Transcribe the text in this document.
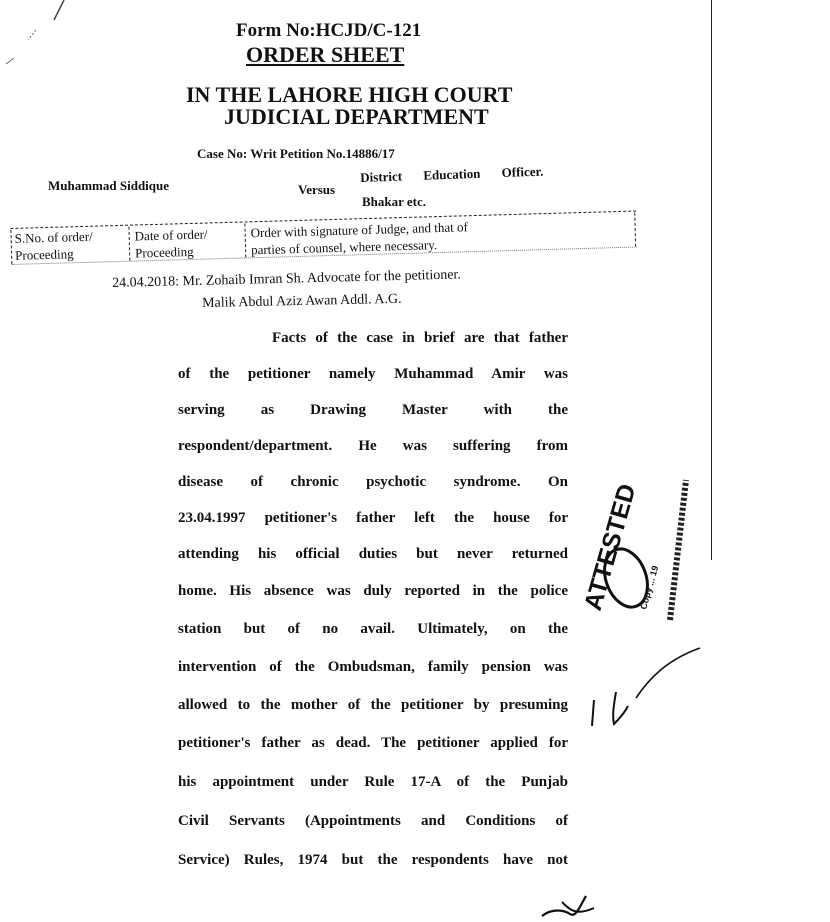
Form No:HCJD/C-121
ORDER SHEET
IN THE LAHORE HIGH COURT
JUDICIAL DEPARTMENT
Case No: Writ Petition No.14886/17
Muhammad Siddique	Versus
District Education Officer.
Bhakar etc.
S.No. of order/
Proceeding
Date of order/
Proceeding
Order with signature of Judge, and that of
parties of counsel, where necessary.
24.04.2018: Mr. Zohaib Imran Sh. Advocate for the petitioner.
Malik Abdul Aziz Awan Addl. A.G.
Facts of the case in brief are that father
of the petitioner namely Muhammad Amir was
serving as Drawing Master with the
respondent/department. He was suffering from
disease of chronic psychotic syndrome. On
23.04.1997 petitioner's father left the house for
attending his official duties but never returned
home. His absence was duly reported in the police
station but of no avail. Ultimately, on the
intervention of the Ombudsman, family pension was
allowed to the mother of the petitioner by presuming
petitioner's father as dead. The petitioner applied for
his appointment under Rule 17-A of the Punjab
Civil Servants (Appointments and Conditions of
Service) Rules, 1974 but the respondents have not
ATTESTED
Copy ... 19
